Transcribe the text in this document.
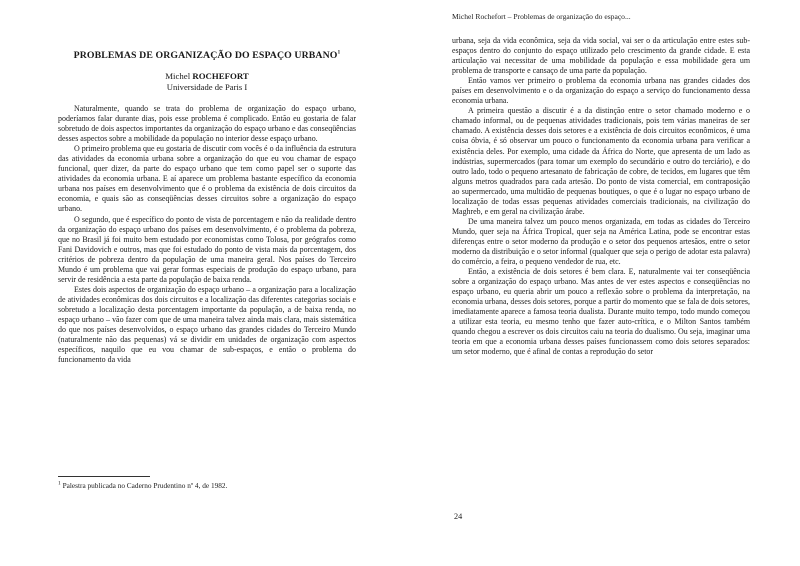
PROBLEMAS DE ORGANIZAÇÃO DO ESPAÇO URBANO$^1$
Michel ROCHEFORT
Universidade de Paris I

Naturalmente, quando se trata do problema de organização do espaço urbano, poderíamos falar durante dias, pois esse problema é complicado. Então eu gostaria de falar sobretudo de dois aspectos importantes da organização do espaço urbano e das conseqüências desses aspectos sobre a mobilidade da população no interior desse espaço urbano.

O primeiro problema que eu gostaria de discutir com vocês é o da influência da estrutura das atividades da economia urbana sobre a organização do que eu vou chamar de espaço funcional, quer dizer, da parte do espaço urbano que tem como papel ser o suporte das atividades da economia urbana. E aí aparece um problema bastante específico da economia urbana nos países em desenvolvimento que é o problema da existência de dois circuitos da economia, e quais são as conseqüências desses circuitos sobre a organização do espaço urbano.

O segundo, que é específico do ponto de vista de porcentagem e não da realidade dentro da organização do espaço urbano dos países em desenvolvimento, é o problema da pobreza, que no Brasil já foi muito bem estudado por economistas como Tolosa, por geógrafos como Fani Davidovich e outros, mas que foi estudado do ponto de vista mais da porcentagem, dos critérios de pobreza dentro da população de uma maneira geral. Nos países do Terceiro Mundo é um problema que vai gerar formas especiais de produção do espaço urbano, para servir de residência a esta parte da população de baixa renda.

Estes dois aspectos de organização do espaço urbano – a organização para a localização de atividades econômicas dos dois circuitos e a localização das diferentes categorias sociais e sobretudo a localização desta porcentagem importante da população, a de baixa renda, no espaço urbano – vão fazer com que de uma maneira talvez ainda mais clara, mais sistemática do que nos países desenvolvidos, o espaço urbano das grandes cidades do Terceiro Mundo (naturalmente não das pequenas) vá se dividir em unidades de organização com aspectos específicos, naquilo que eu vou chamar de sub-espaços, e então o problema do funcionamento da vida

$^1$ Palestra publicada no Caderno Prudentino nº 4, de 1982.
Michel Rochefort – Problemas de organização do espaço...

urbana, seja da vida econômica, seja da vida social, vai ser o da articulação entre estes sub-espaços dentro do conjunto do espaço utilizado pelo crescimento da grande cidade. E esta articulação vai necessitar de uma mobilidade da população e essa mobilidade gera um problema de transporte e cansaço de uma parte da população.

Então vamos ver primeiro o problema da economia urbana nas grandes cidades dos países em desenvolvimento e o da organização do espaço a serviço do funcionamento dessa economia urbana.

A primeira questão a discutir é a da distinção entre o setor chamado moderno e o chamado informal, ou de pequenas atividades tradicionais, pois tem várias maneiras de ser chamado. A existência desses dois setores e a existência de dois circuitos econômicos, é uma coisa óbvia, é só observar um pouco o funcionamento da economia urbana para verificar a existência deles. Por exemplo, uma cidade da África do Norte, que apresenta de um lado as indústrias, supermercados (para tomar um exemplo do secundário e outro do terciário), e do outro lado, todo o pequeno artesanato de fabricação de cobre, de tecidos, em lugares que têm alguns metros quadrados para cada artesão. Do ponto de vista comercial, em contraposição ao supermercado, uma multidão de pequenas boutiques, o que é o lugar no espaço urbano de localização de todas essas pequenas atividades comerciais tradicionais, na civilização do Maghreb, e em geral na civilização árabe.

De uma maneira talvez um pouco menos organizada, em todas as cidades do Terceiro Mundo, quer seja na África Tropical, quer seja na América Latina, pode se encontrar estas diferenças entre o setor moderno da produção e o setor dos pequenos artesãos, entre o setor moderno da distribuição e o setor informal (qualquer que seja o perigo de adotar esta palavra) do comércio, a feira, o pequeno vendedor de rua, etc.

Então, a existência de dois setores é bem clara. E, naturalmente vai ter conseqüência sobre a organização do espaço urbano. Mas antes de ver estes aspectos e conseqüências no espaço urbano, eu queria abrir um pouco a reflexão sobre o problema da interpretação, na economia urbana, desses dois setores, porque a partir do momento que se fala de dois setores, imediatamente aparece a famosa teoria dualista. Durante muito tempo, todo mundo começou a utilizar esta teoria, eu mesmo tenho que fazer auto-crítica, e o Milton Santos também quando chegou a escrever os dois circuitos caiu na teoria do dualismo. Ou seja, imaginar uma teoria em que a economia urbana desses países funcionassem como dois setores separados: um setor moderno, que é afinal de contas a reprodução do setor

24
